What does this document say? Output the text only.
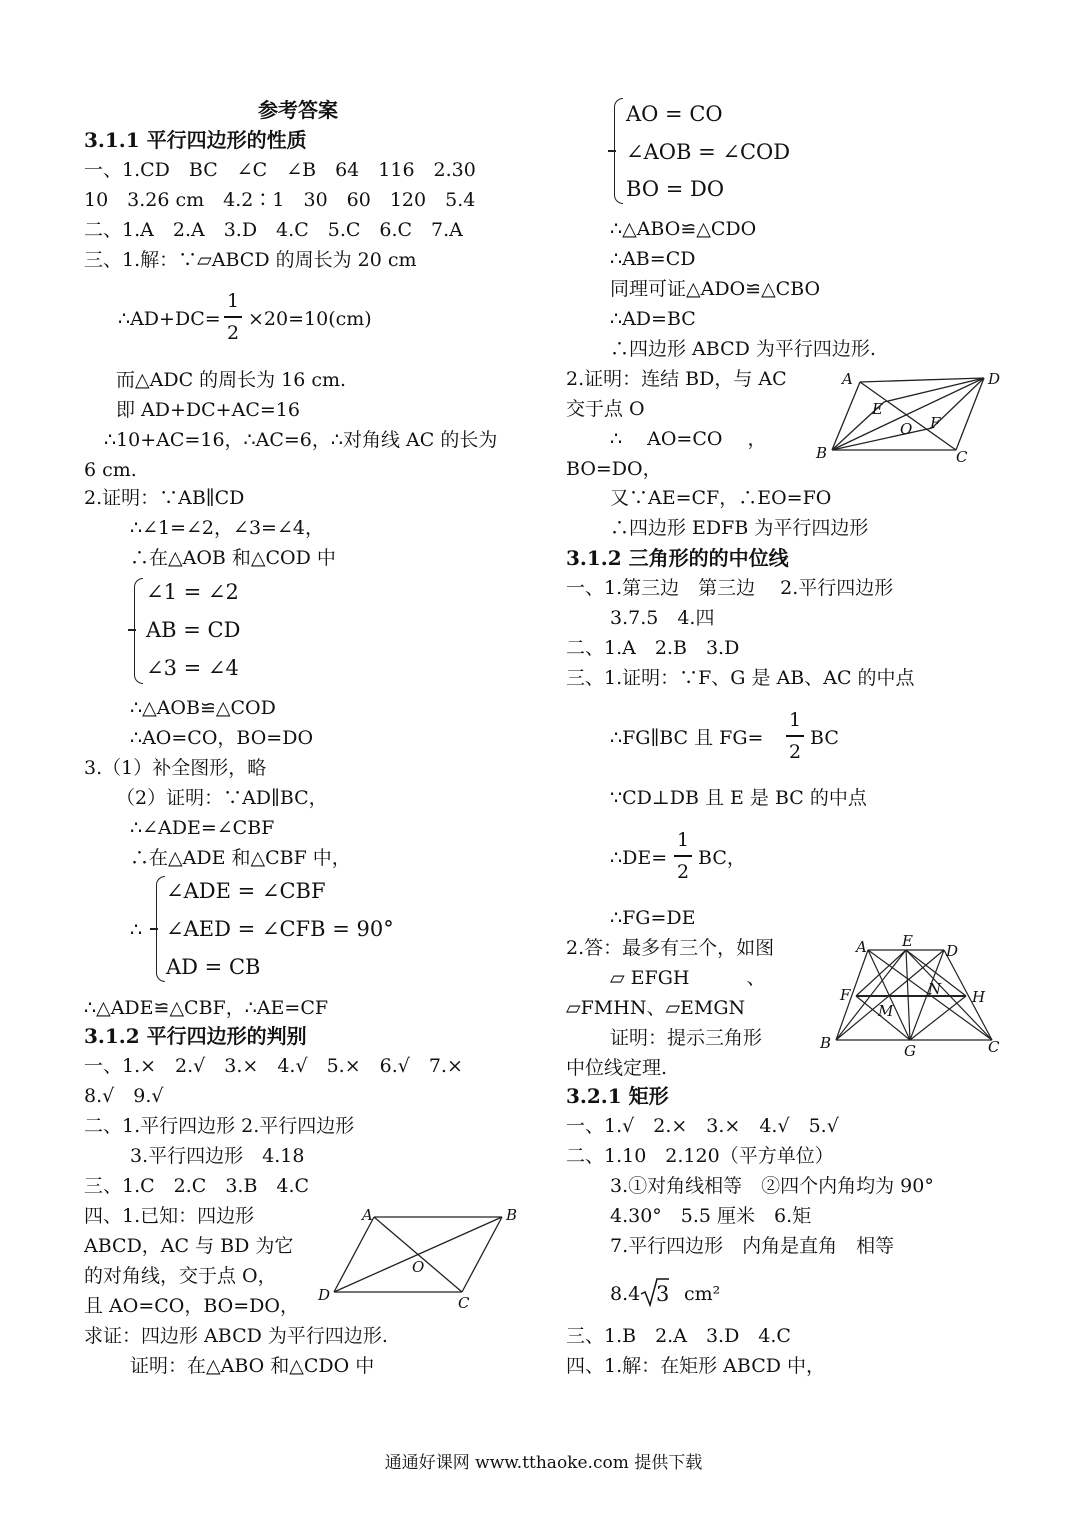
参考答案
3.1.1 平行四边形的性质
一、1.CD　BC　∠C　∠B　64　116　2.30
10　3.26 cm　4.2∶1　30　60　120　5.4
二、1.A　2.A　3.D　4.C　5.C　6.C　7.A
三、1.解：∵▱ABCD 的周长为 20 cm
∴AD+DC=
1
2
×20=10(cm)
而△ADC 的周长为 16 cm.
即 AD+DC+AC=16
∴10+AC=16，∴AC=6，∴对角线 AC 的长为
6 cm.
2.证明：∵AB∥CD
∴∠1=∠2，∠3=∠4，
∴在△AOB 和△COD 中
∠1 = ∠2
AB = CD
∠3 = ∠4
∴△AOB≌△COD
∴AO=CO，BO=DO
3.（1）补全图形，略
（2）证明：∵AD∥BC，
∴∠ADE=∠CBF
∴在△ADE 和△CBF 中，
∴
∠ADE = ∠CBF
∠AED = ∠CFB = 90°
AD = CB
∴△ADE≌△CBF，∴AE=CF
3.1.2 平行四边形的判别
一、1.×　2.√　3.×　4.√　5.×　6.√　7.×
8.√　9.√
二、1.平行四边形 2.平行四边形
3.平行四边形　4.18
三、1.C　2.C　3.B　4.C
四、1.已知：四边形
ABCD，AC 与 BD 为它
的对角线，交于点 O，
且 AO=CO，BO=DO，
求证：四边形 ABCD 为平行四边形.
证明：在△ABO 和△CDO 中
A	B
C
D
O
AO = CO
∠AOB = ∠COD
BO = DO
∴△ABO≌△CDO
∴AB=CD
同理可证△ADO≌△CBO
∴AD=BC
∴四边形 ABCD 为平行四边形.
2.证明：连结 BD，与 AC
交于点 O
∴　 AO=CO　 ，
BO=DO，
又∵AE=CF，∴EO=FO
∴四边形 EDFB 为平行四边形
A	D
E
O F
B	C
3.1.2 三角形的的中位线
一、1.第三边　第三边　 2.平行四边形
3.7.5　4.四
二、1.A　2.B　3.D
三、1.证明：∵F、G 是 AB、AC 的中点
∴FG∥BC 且 FG=
1
2
BC
∵CD⊥DB 且 E 是 BC 的中点
∴DE=
1
2
BC，
∴FG=DE
2.答：最多有三个，如图
▱ EFGH　　　、
▱FMHN、▱EMGN
证明：提示三角形
中位线定理.
A E
D
F	N H
M
B	G	C
3.2.1 矩形
一、1.√　2.×　3.×　4.√　5.√
二、1.10　2.120（平方单位）
3.①对角线相等　②四个内角均为 90°
4.30°　5.5 厘米　6.矩
7.平行四边形　内角是直角　相等
8.4 3 cm²
三、1.B　2.A　3.D　4.C
四、1.解：在矩形 ABCD 中，
通通好课网 www.tthaoke.com 提供下载
